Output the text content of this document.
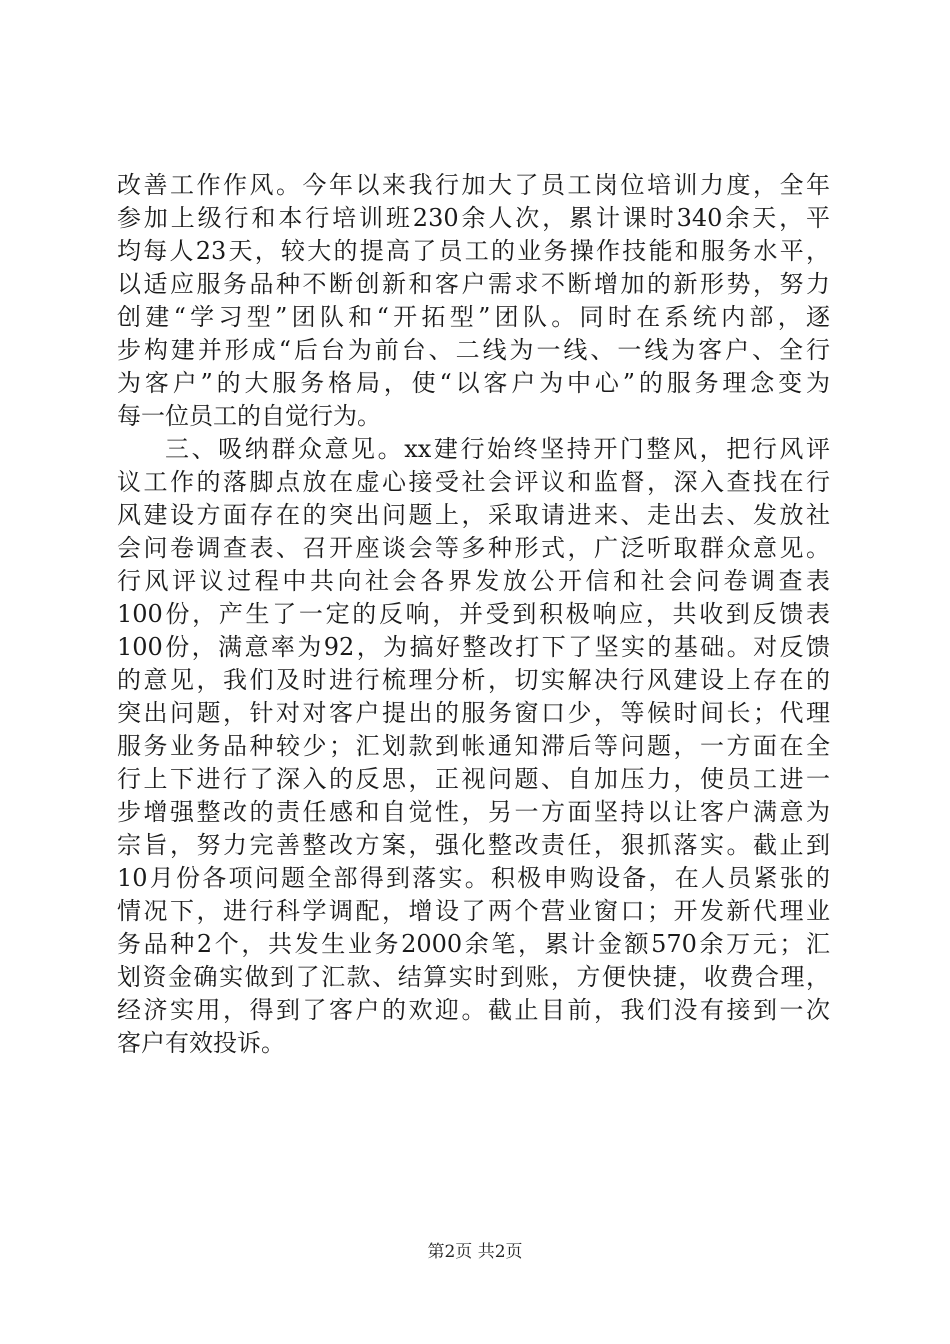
改善工作作风。今年以来我行加大了员工岗位培训力度，全年
参加上级行和本行培训班230余人次，累计课时340余天，平
均每人23天，较大的提高了员工的业务操作技能和服务水平，
以适应服务品种不断创新和客户需求不断增加的新形势，努力
创建“学习型”团队和“开拓型”团队。同时在系统内部，逐
步构建并形成“后台为前台、二线为一线、一线为客户、全行
为客户”的大服务格局，使“以客户为中心”的服务理念变为
每一位员工的自觉行为。
三、吸纳群众意见。xx建行始终坚持开门整风，把行风评
议工作的落脚点放在虚心接受社会评议和监督，深入查找在行
风建设方面存在的突出问题上，采取请进来、走出去、发放社
会问卷调查表、召开座谈会等多种形式，广泛听取群众意见。
行风评议过程中共向社会各界发放公开信和社会问卷调查表
100份，产生了一定的反响，并受到积极响应，共收到反馈表
100份，满意率为92，为搞好整改打下了坚实的基础。对反馈
的意见，我们及时进行梳理分析，切实解决行风建设上存在的
突出问题，针对对客户提出的服务窗口少，等候时间长；代理
服务业务品种较少；汇划款到帐通知滞后等问题，一方面在全
行上下进行了深入的反思，正视问题、自加压力，使员工进一
步增强整改的责任感和自觉性，另一方面坚持以让客户满意为
宗旨，努力完善整改方案，强化整改责任，狠抓落实。截止到
10月份各项问题全部得到落实。积极申购设备，在人员紧张的
情况下，进行科学调配，增设了两个营业窗口；开发新代理业
务品种2个，共发生业务2000余笔，累计金额570余万元；汇
划资金确实做到了汇款、结算实时到账，方便快捷，收费合理，
经济实用，得到了客户的欢迎。截止目前，我们没有接到一次
客户有效投诉。
第2页 共2页
